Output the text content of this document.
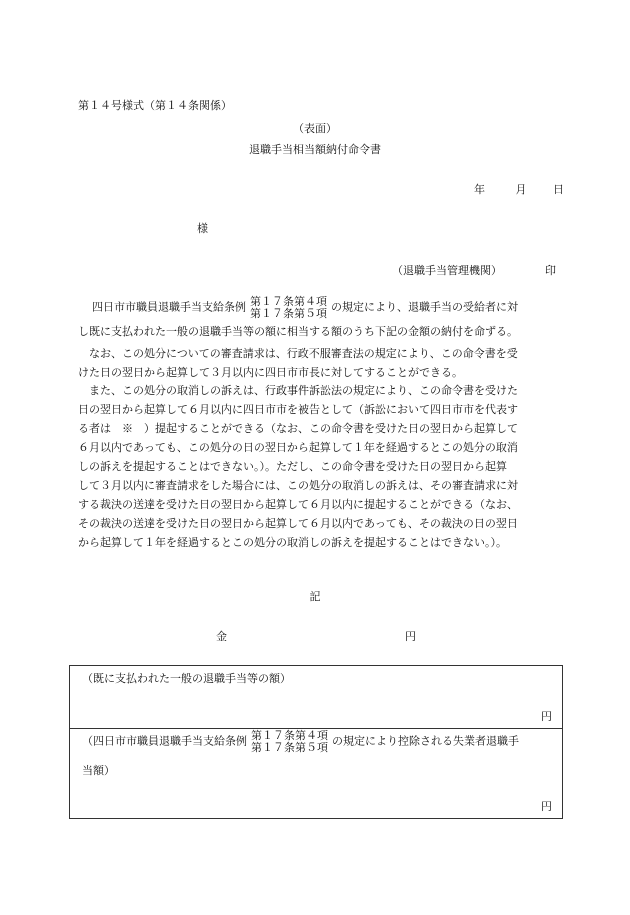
第１４号様式（第１４条関係）
（表面）
退職手当相当額納付命令書
年	月 日
様
（退職手当管理機関）	印
四日市市職員退職手当支給条例 第１７条第４項
第１７条第５項 の規定により、退職手当の受給者に対
し既に支払われた一般の退職手当等の額に相当する額のうち下記の金額の納付を命ずる。
　なお、この処分についての審査請求は、行政不服審査法の規定により、この命令書を受
けた日の翌日から起算して３月以内に四日市市長に対してすることができる。
　また、この処分の取消しの訴えは、行政事件訴訟法の規定により、この命令書を受けた
日の翌日から起算して６月以内に四日市市を被告として（訴訟において四日市市を代表す
る者は　※　）提起することができる（なお、この命令書を受けた日の翌日から起算して
６月以内であっても、この処分の日の翌日から起算して１年を経過するとこの処分の取消
しの訴えを提起することはできない。）。ただし、この命令書を受けた日の翌日から起算
して３月以内に審査請求をした場合には、この処分の取消しの訴えは、その審査請求に対
する裁決の送達を受けた日の翌日から起算して６月以内に提起することができる（なお、
その裁決の送達を受けた日の翌日から起算して６月以内であっても、その裁決の日の翌日
から起算して１年を経過するとこの処分の取消しの訴えを提起することはできない。）。
記
金	円
（既に支払われた一般の退職手当等の額）
円
（四日市市職員退職手当支給条例 第１７条第４項
第１７条第５項 の規定により控除される失業者退職手
当額）
円
